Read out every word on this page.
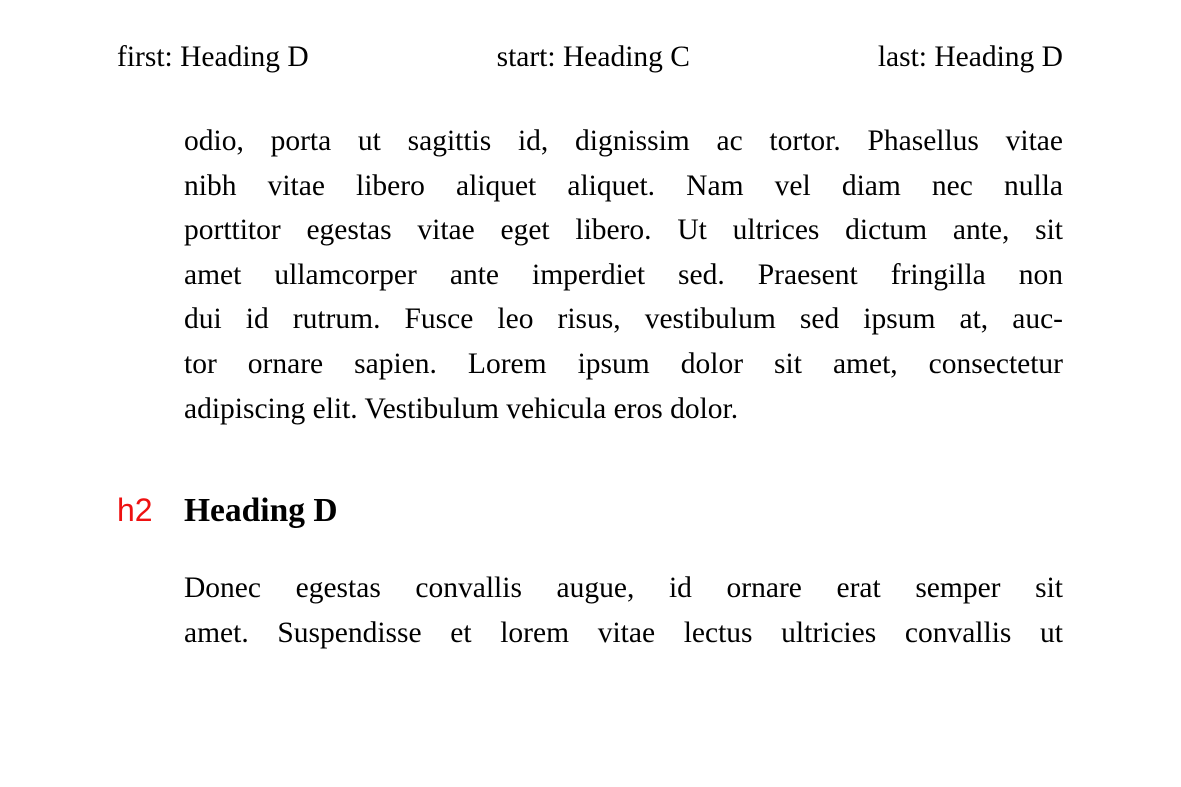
first: Heading D	start: Heading C	last: Heading D
odio, porta ut sagittis id, dignissim ac tortor. Phasellus vitae
nibh vitae libero aliquet aliquet. Nam vel diam nec nulla
porttitor egestas vitae eget libero. Ut ultrices dictum ante, sit
amet ullamcorper ante imperdiet sed. Praesent fringilla non
dui id rutrum. Fusce leo risus, vestibulum sed ipsum at, auc-
tor ornare sapien. Lorem ipsum dolor sit amet, consectetur
adipiscing elit. Vestibulum vehicula eros dolor.
h2 Heading D
Donec egestas convallis augue, id ornare erat semper sit
amet. Suspendisse et lorem vitae lectus ultricies convallis ut
